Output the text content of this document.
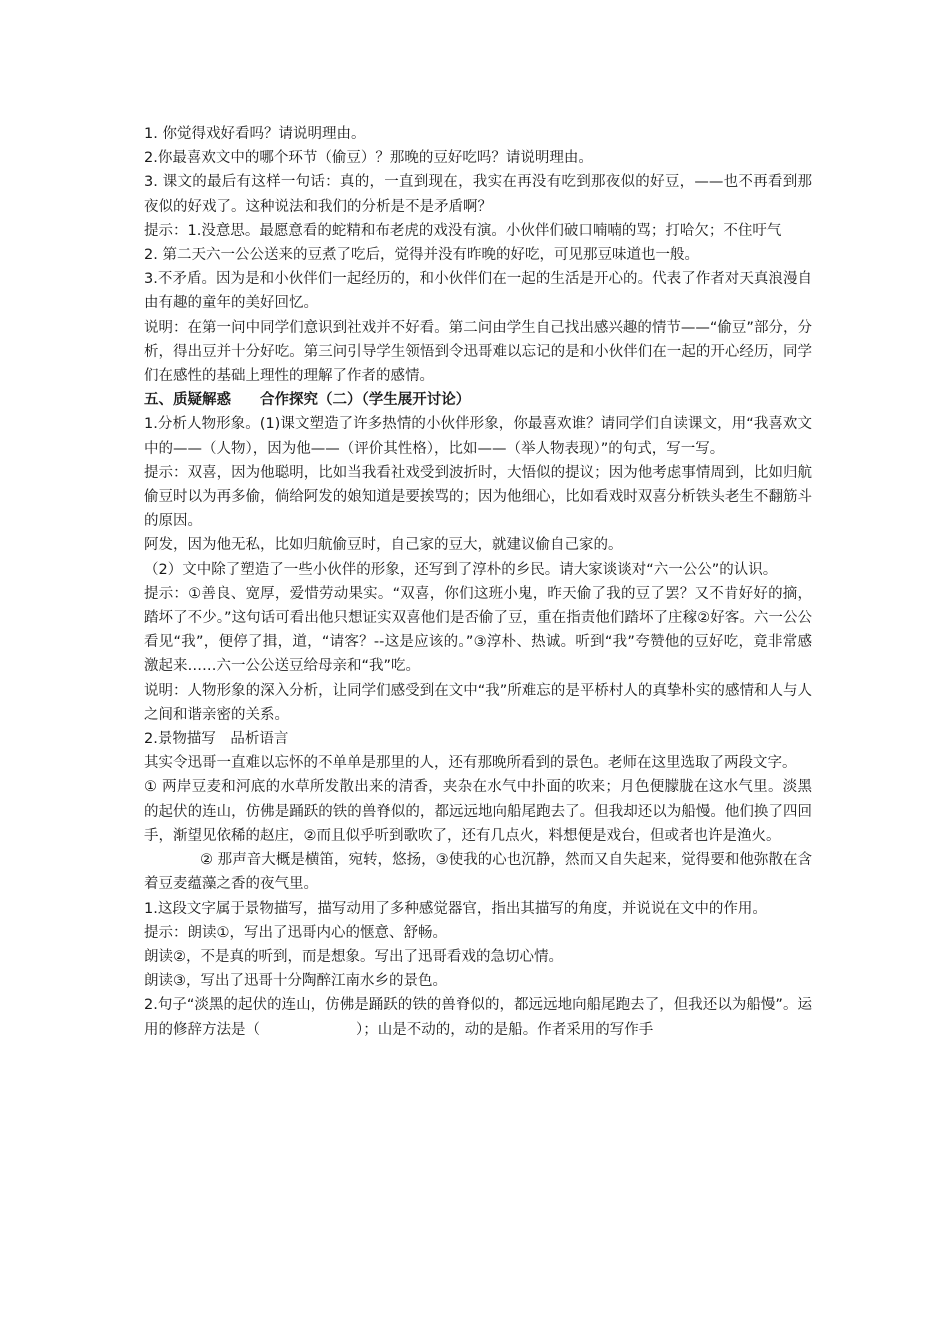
1. 你觉得戏好看吗？请说明理由。

2.你最喜欢文中的哪个环节（偷豆）？那晚的豆好吃吗？请说明理由。

3. 课文的最后有这样一句话：真的，一直到现在，我实在再没有吃到那夜似的好豆，——也不再看到那夜似的好戏了。这种说法和我们的分析是不是矛盾啊？

提示：1.没意思。最愿意看的蛇精和布老虎的戏没有演。小伙伴们破口喃喃的骂；打哈欠；不住吁气

2. 第二天六一公公送来的豆煮了吃后，觉得并没有昨晚的好吃，可见那豆味道也一般。

3.不矛盾。因为是和小伙伴们一起经历的，和小伙伴们在一起的生活是开心的。代表了作者对天真浪漫自由有趣的童年的美好回忆。

说明：在第一问中同学们意识到社戏并不好看。第二问由学生自己找出感兴趣的情节——“偷豆”部分，分析，得出豆并十分好吃。第三问引导学生领悟到令迅哥难以忘记的是和小伙伴们在一起的开心经历，同学们在感性的基础上理性的理解了作者的感情。

五、质疑解惑　　合作探究（二）（学生展开讨论）

1.分析人物形象。(1)课文塑造了许多热情的小伙伴形象，你最喜欢谁？请同学们自读课文，用“我喜欢文中的——（人物），因为他——（评价其性格），比如——（举人物表现）”的句式，写一写。

提示：双喜，因为他聪明，比如当我看社戏受到波折时，大悟似的提议；因为他考虑事情周到，比如归航偷豆时以为再多偷，倘给阿发的娘知道是要挨骂的；因为他细心，比如看戏时双喜分析铁头老生不翻筋斗的原因。

阿发，因为他无私，比如归航偷豆时，自己家的豆大，就建议偷自己家的。

（2）文中除了塑造了一些小伙伴的形象，还写到了淳朴的乡民。请大家谈谈对“六一公公”的认识。

提示：①善良、宽厚，爱惜劳动果实。“双喜，你们这班小鬼，昨天偷了我的豆了罢？又不肯好好的摘，踏坏了不少。”这句话可看出他只想证实双喜他们是否偷了豆，重在指责他们踏坏了庄稼②好客。六一公公看见“我”，便停了揖，道，“请客？--这是应该的。”③淳朴、热诚。听到“我”夸赞他的豆好吃，竟非常感激起来……六一公公送豆给母亲和“我”吃。

说明：人物形象的深入分析，让同学们感受到在文中“我”所难忘的是平桥村人的真挚朴实的感情和人与人之间和谐亲密的关系。

2.景物描写　品析语言

其实令迅哥一直难以忘怀的不单单是那里的人，还有那晚所看到的景色。老师在这里选取了两段文字。

① 两岸豆麦和河底的水草所发散出来的清香，夹杂在水气中扑面的吹来；月色便朦胧在这水气里。淡黑的起伏的连山，仿佛是踊跃的铁的兽脊似的，都远远地向船尾跑去了。但我却还以为船慢。他们换了四回手，渐望见依稀的赵庄，②而且似乎听到歌吹了，还有几点火，料想便是戏台，但或者也许是渔火。

② 那声音大概是横笛，宛转，悠扬，③使我的心也沉静，然而又自失起来，觉得要和他弥散在含着豆麦蕴藻之香的夜气里。

1.这段文字属于景物描写，描写动用了多种感觉器官，指出其描写的角度，并说说在文中的作用。

提示：朗读①，写出了迅哥内心的惬意、舒畅。

朗读②，不是真的听到，而是想象。写出了迅哥看戏的急切心情。

朗读③，写出了迅哥十分陶醉江南水乡的景色。

2.句子“淡黑的起伏的连山，仿佛是踊跃的铁的兽脊似的，都远远地向船尾跑去了，但我还以为船慢”。运用的修辞方法是（	）；山是不动的，动的是船。作者采用的写作手
